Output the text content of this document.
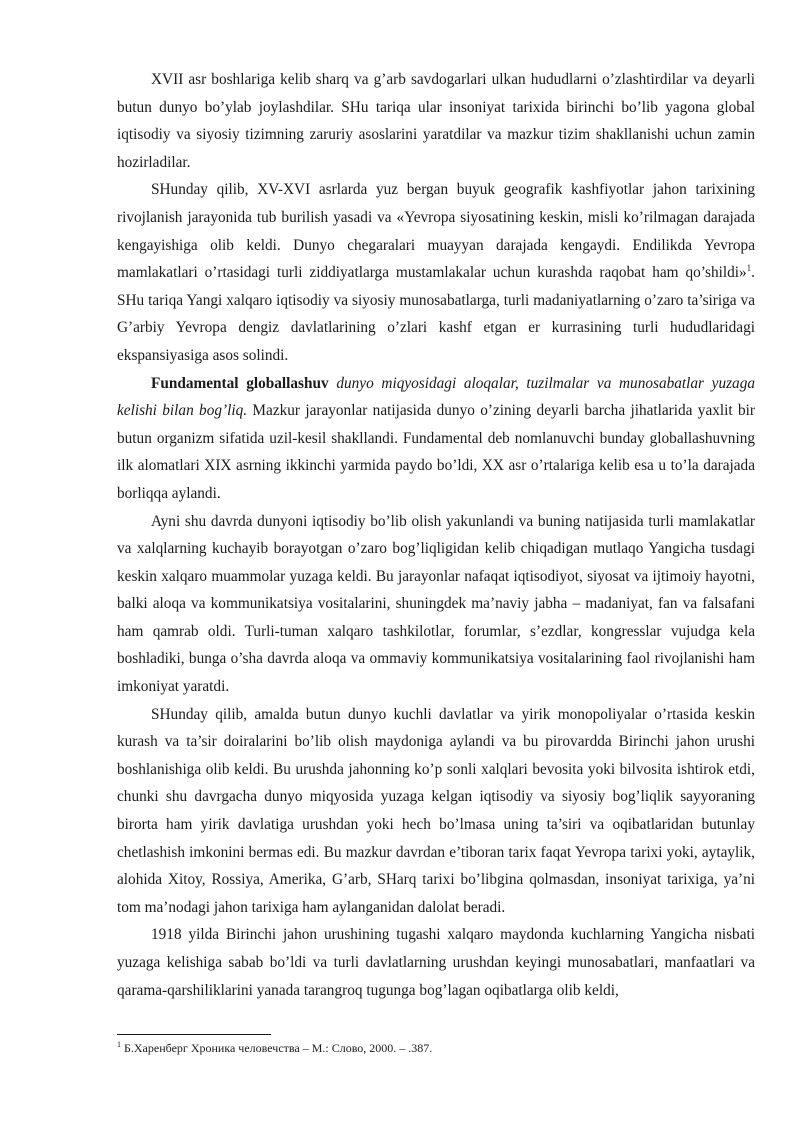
XVII asr boshlariga kelib sharq va g’arb savdogarlari ulkan hududlarni o’zlashtirdilar va deyarli butun dunyo bo’ylab joylashdilar. SHu tariqa ular insoniyat tarixida birinchi bo’lib yagona global iqtisodiy va siyosiy tizimning zaruriy asoslarini yaratdilar va mazkur tizim shakllanishi uchun zamin hozirladilar.

SHunday qilib, XV-XVI asrlarda yuz bergan buyuk geografik kashfiyotlar jahon tarixining rivojlanish jarayonida tub burilish yasadi va «Yevropa siyosatining keskin, misli ko’rilmagan darajada kengayishiga olib keldi. Dunyo chegaralari muayyan darajada kengaydi. Endilikda Yevropa mamlakatlari o’rtasidagi turli ziddiyatlarga mustamlakalar uchun kurashda raqobat ham qo’shildi»$^1$. SHu tariqa Yangi xalqaro iqtisodiy va siyosiy munosabatlarga, turli madaniyatlarning o’zaro ta’siriga va G’arbiy Yevropa dengiz davlatlarining o’zlari kashf etgan er kurrasining turli hududlaridagi ekspansiyasiga asos solindi.

Fundamental globallashuv dunyo miqyosidagi aloqalar, tuzilmalar va munosabatlar yuzaga kelishi bilan bog’liq. Mazkur jarayonlar natijasida dunyo o’zining deyarli barcha jihatlarida yaxlit bir butun organizm sifatida uzil-kesil shakllandi. Fundamental deb nomlanuvchi bunday globallashuvning ilk alomatlari XIX asrning ikkinchi yarmida paydo bo’ldi, XX asr o’rtalariga kelib esa u to’la darajada borliqqa aylandi.

Ayni shu davrda dunyoni iqtisodiy bo’lib olish yakunlandi va buning natijasida turli mamlakatlar va xalqlarning kuchayib borayotgan o’zaro bog’liqligidan kelib chiqadigan mutlaqo Yangicha tusdagi keskin xalqaro muammolar yuzaga keldi. Bu jarayonlar nafaqat iqtisodiyot, siyosat va ijtimoiy hayotni, balki aloqa va kommunikatsiya vositalarini, shuningdek ma’naviy jabha – madaniyat, fan va falsafani ham qamrab oldi. Turli-tuman xalqaro tashkilotlar, forumlar, s’ezdlar, kongresslar vujudga kela boshladiki, bunga o’sha davrda aloqa va ommaviy kommunikatsiya vositalarining faol rivojlanishi ham imkoniyat yaratdi.

SHunday qilib, amalda butun dunyo kuchli davlatlar va yirik monopoliyalar o’rtasida keskin kurash va ta’sir doiralarini bo’lib olish maydoniga aylandi va bu pirovardda Birinchi jahon urushi boshlanishiga olib keldi. Bu urushda jahonning ko’p sonli xalqlari bevosita yoki bilvosita ishtirok etdi, chunki shu davrgacha dunyo miqyosida yuzaga kelgan iqtisodiy va siyosiy bog’liqlik sayyoraning birorta ham yirik davlatiga urushdan yoki hech bo’lmasa uning ta’siri va oqibatlaridan butunlay chetlashish imkonini bermas edi. Bu mazkur davrdan e’tiboran tarix faqat Yevropa tarixi yoki, aytaylik, alohida Xitoy, Rossiya, Amerika, G’arb, SHarq tarixi bo’libgina qolmasdan, insoniyat tarixiga, ya’ni tom ma’nodagi jahon tarixiga ham aylanganidan dalolat beradi.

1918 yilda Birinchi jahon urushining tugashi xalqaro maydonda kuchlarning Yangicha nisbati yuzaga kelishiga sabab bo’ldi va turli davlatlarning urushdan keyingi munosabatlari, manfaatlari va qarama-qarshiliklarini yanada tarangroq tugunga bog’lagan oqibatlarga olib keldi,

$^1$ Б.Харенберг Хроника человечства – М.: Слово, 2000. – .387.
